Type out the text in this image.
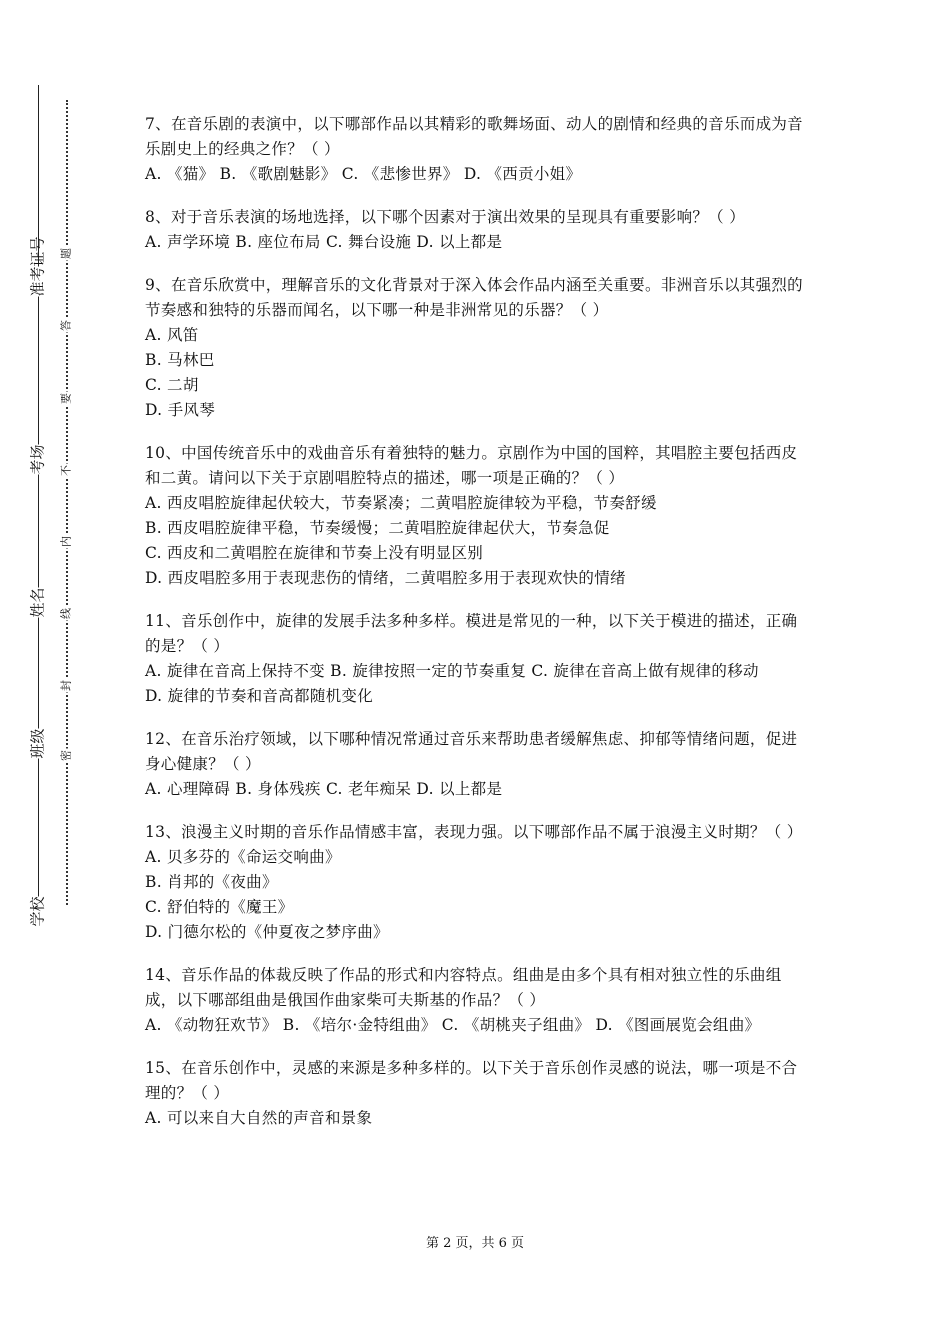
准考证号
考场
姓名
班级
学校
题
答
要
不
内
线
封
密

7、在音乐剧的表演中，以下哪部作品以其精彩的歌舞场面、动人的剧情和经典的音乐而成为音乐剧史上的经典之作？（ ）

A. 《猫》 B. 《歌剧魅影》 C. 《悲惨世界》 D. 《西贡小姐》

8、对于音乐表演的场地选择，以下哪个因素对于演出效果的呈现具有重要影响？（ ）

A. 声学环境 B. 座位布局 C. 舞台设施 D. 以上都是

9、在音乐欣赏中，理解音乐的文化背景对于深入体会作品内涵至关重要。非洲音乐以其强烈的节奏感和独特的乐器而闻名，以下哪一种是非洲常见的乐器？（ ）

A. 风笛

B. 马林巴

C. 二胡

D. 手风琴

10、中国传统音乐中的戏曲音乐有着独特的魅力。京剧作为中国的国粹，其唱腔主要包括西皮和二黄。请问以下关于京剧唱腔特点的描述，哪一项是正确的？（ ）

A. 西皮唱腔旋律起伏较大，节奏紧凑；二黄唱腔旋律较为平稳，节奏舒缓

B. 西皮唱腔旋律平稳，节奏缓慢；二黄唱腔旋律起伏大，节奏急促

C. 西皮和二黄唱腔在旋律和节奏上没有明显区别

D. 西皮唱腔多用于表现悲伤的情绪，二黄唱腔多用于表现欢快的情绪

11、音乐创作中，旋律的发展手法多种多样。模进是常见的一种，以下关于模进的描述，正确的是？（ ）

A. 旋律在音高上保持不变 B. 旋律按照一定的节奏重复 C. 旋律在音高上做有规律的移动

D. 旋律的节奏和音高都随机变化

12、在音乐治疗领域，以下哪种情况常通过音乐来帮助患者缓解焦虑、抑郁等情绪问题，促进身心健康？（ ）

A. 心理障碍 B. 身体残疾 C. 老年痴呆 D. 以上都是

13、浪漫主义时期的音乐作品情感丰富，表现力强。以下哪部作品不属于浪漫主义时期？（ ）

A. 贝多芬的《命运交响曲》

B. 肖邦的《夜曲》

C. 舒伯特的《魔王》

D. 门德尔松的《仲夏夜之梦序曲》

14、音乐作品的体裁反映了作品的形式和内容特点。组曲是由多个具有相对独立性的乐曲组成，以下哪部组曲是俄国作曲家柴可夫斯基的作品？（ ）

A. 《动物狂欢节》 B. 《培尔·金特组曲》 C. 《胡桃夹子组曲》 D. 《图画展览会组曲》

15、在音乐创作中，灵感的来源是多种多样的。以下关于音乐创作灵感的说法，哪一项是不合理的？（ ）

A. 可以来自大自然的声音和景象

第 2 页，共 6 页
